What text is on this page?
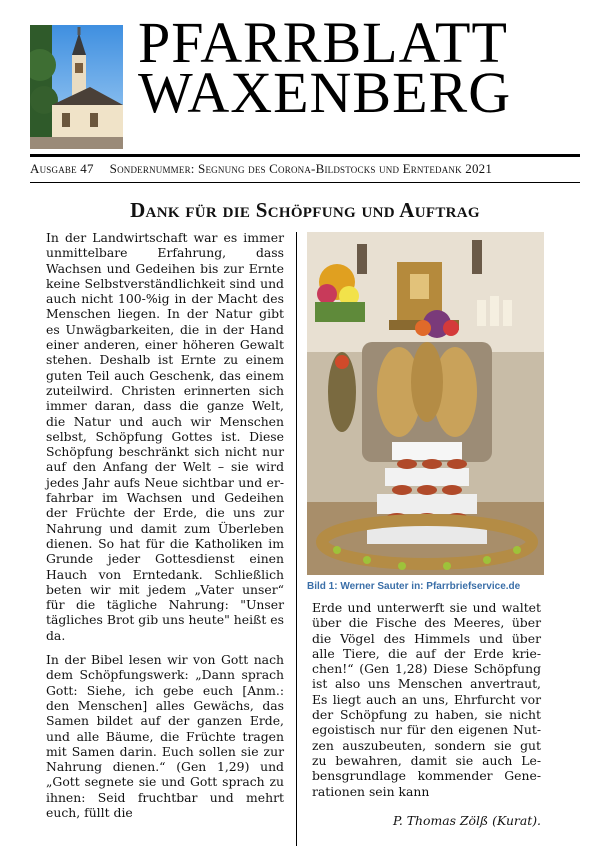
PFARRBLATT
WAXENBERG
Ausgabe 47 Sondernummer: Segnung des Corona-Bildstocks und Erntedank 2021
Dank für die Schöpfung und Auftrag

In der Landwirtschaft war es immer unmittelbare Erfahrung, dass Wachsen und Gedeihen bis zur Ernte keine Selbstverständlichkeit sind und auch nicht 100-%ig in der Macht des Menschen liegen. In der Natur gibt es Unwägbarkeiten, die in der Hand einer anderen, einer höheren Gewalt stehen. Deshalb ist Ernte zu einem guten Teil auch Geschenk, das einem zuteilwird. Christen erinnerten sich immer daran, dass die ganze Welt, die Natur und auch wir Menschen selbst, Schöpfung Gottes ist. Diese Schöpfung beschränkt sich nicht nur auf den Anfang der Welt – sie wird jedes Jahr aufs Neue sichtbar und erfahrbar im Wachsen und Gedeihen der Früchte der Erde, die uns zur Nahrung und damit zum Überleben dienen. So hat für die Katholiken im Grunde jeder Gottesdienst einen Hauch von Erntedank. Schließlich beten wir mit jedem „Vater unser“ für die tägliche Nahrung: "Unser tägliches Brot gib uns heute" heißt es da.

In der Bibel lesen wir von Gott nach dem Schöpfungswerk: „Dann sprach Gott: Siehe, ich gebe euch [Anm.: den Menschen] alles Gewächs, das Samen bildet auf der ganzen Erde, und alle Bäume, die Früchte tragen mit Samen darin. Euch sollen sie zur Nahrung dienen.“ (Gen 1,29) und „Gott segnete sie und Gott sprach zu ihnen: Seid fruchtbar und mehrt euch, füllt die

Bild 1: Werner Sauter in: Pfarrbriefservice.de

Erde und unterwerft sie und waltet über die Fische des Meeres, über die Vögel des Himmels und über alle Tiere, die auf der Erde kriechen!“ (Gen 1,28) Diese Schöpfung ist also uns Menschen anvertraut, Es liegt auch an uns, Ehrfurcht vor der Schöpfung zu haben, sie nicht egoistisch nur für den eigenen Nutzen auszubeuten, sondern sie gut zu bewahren, damit sie auch Lebensgrundlage kommender Generationen sein kann

P. Thomas Zölß (Kurat).
